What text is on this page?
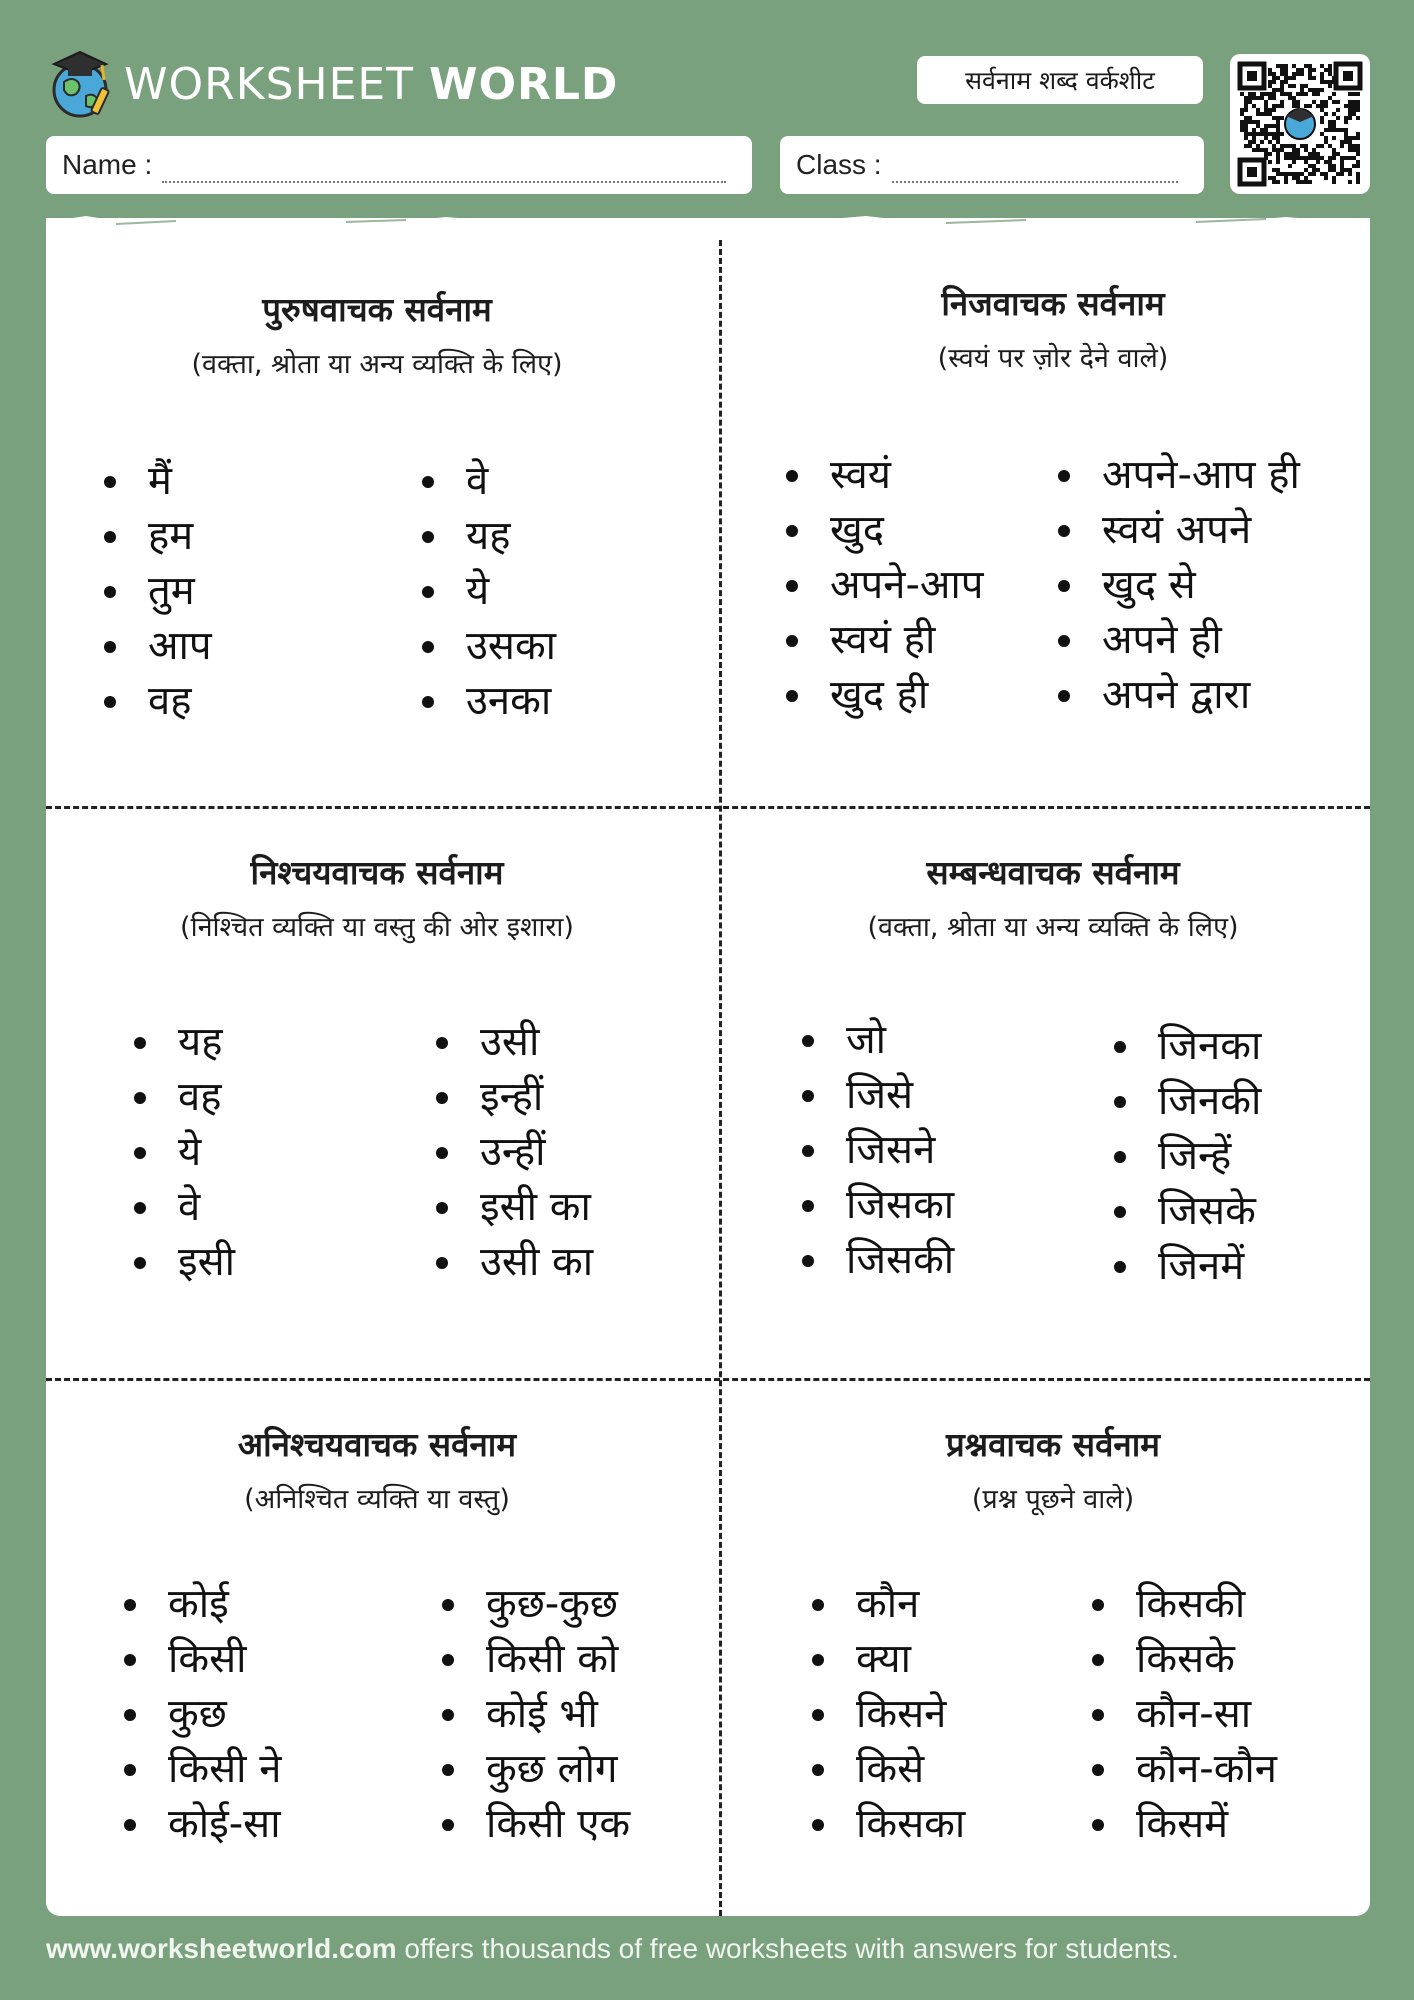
WORKSHEET WORLD	सर्वनाम शब्द वर्कशीट
Name :	Class :
पुरुषवाचक सर्वनाम
(वक्ता, श्रोता या अन्य व्यक्ति के लिए)
मैं
हम
तुम
आप
वह
वे
यह
ये
उसका
उनका
निजवाचक सर्वनाम
(स्वयं पर ज़ोर देने वाले)
स्वयं
खुद
अपने-आप
स्वयं ही
खुद ही
अपने-आप ही
स्वयं अपने
खुद से
अपने ही
अपने द्वारा
निश्चयवाचक सर्वनाम
(निश्चित व्यक्ति या वस्तु की ओर इशारा)
यह
वह
ये
वे
इसी
उसी
इन्हीं
उन्हीं
इसी का
उसी का
सम्बन्धवाचक सर्वनाम
(वक्ता, श्रोता या अन्य व्यक्ति के लिए)
जो
जिसे
जिसने
जिसका
जिसकी
जिनका
जिनकी
जिन्हें
जिसके
जिनमें
अनिश्चयवाचक सर्वनाम
(अनिश्चित व्यक्ति या वस्तु)
कोई
किसी
कुछ
किसी ने
कोई-सा
कुछ-कुछ
किसी को
कोई भी
कुछ लोग
किसी एक
प्रश्नवाचक सर्वनाम
(प्रश्न पूछने वाले)
कौन
क्या
किसने
किसे
किसका
किसकी
किसके
कौन-सा
कौन-कौन
किसमें
www.worksheetworld.com offers thousands of free worksheets with answers for students.
